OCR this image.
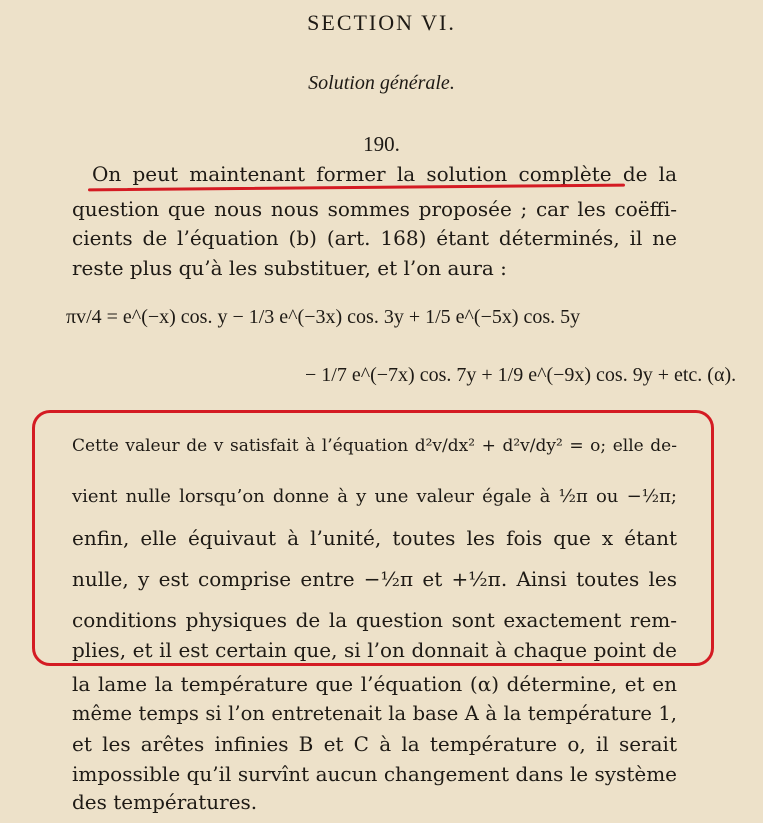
SECTION VI.
Solution générale.
190.
On peut maintenant former la solution complète de la
question que nous nous sommes proposée ; car les coëffi-
cients de l’équation (b) (art. 168) étant déterminés, il ne
reste plus qu’à les substituer, et l’on aura :
πv/4 = e^(−x) cos. y − 1/3 e^(−3x) cos. 3y + 1/5 e^(−5x) cos. 5y
− 1/7 e^(−7x) cos. 7y + 1/9 e^(−9x) cos. 9y + etc. (α).
Cette valeur de v satisfait à l’équation d²v/dx² + d²v/dy² = o; elle de-
vient nulle lorsqu’on donne à y une valeur égale à ½π ou −½π;
enfin, elle équivaut à l’unité, toutes les fois que x étant
nulle, y est comprise entre −½π et +½π. Ainsi toutes les
conditions physiques de la question sont exactement rem-
plies, et il est certain que, si l’on donnait à chaque point de
la lame la température que l’équation (α) détermine, et en
même temps si l’on entretenait la base A à la température 1,
et les arêtes infinies B et C à la température o, il serait
impossible qu’il survînt aucun changement dans le système
des températures.
